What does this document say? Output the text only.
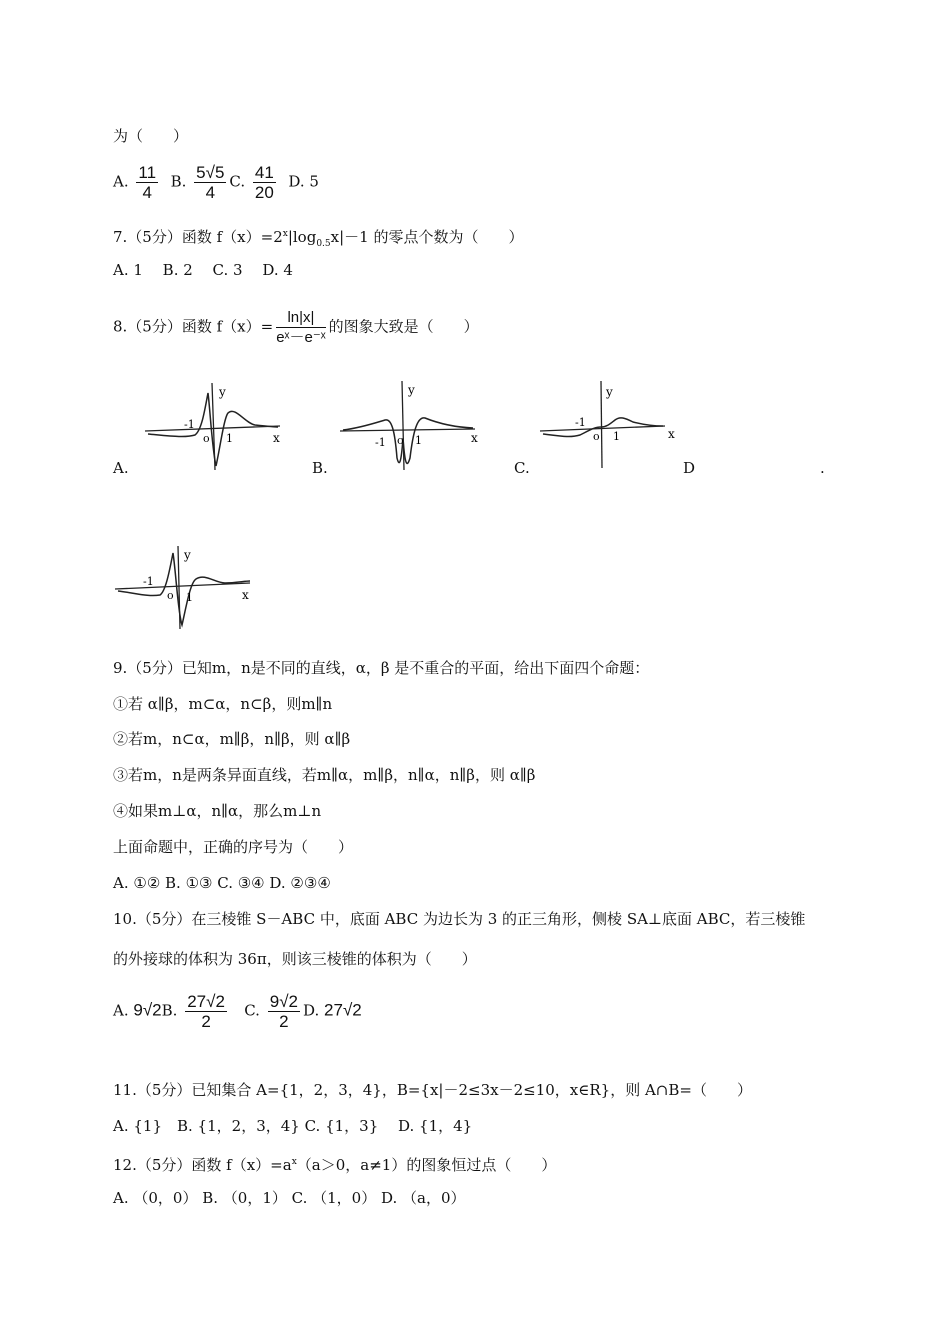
为（　　）
A. $\frac{11}{4} B$. $\frac{5√5}{4} C$. $\frac{41}{20} D$. 5
7.（5分）函数 $f(x)=2^x|\log_{0.5}x|-1$ 的零点个数为（　　）
A. 1　 B. 2　 C. 3　 D. 4
8.（5分）函数 $f(x)= \frac{\ln|x|}{\text{eˣ－e⁻ˣ}}$ 的图象大致是（　　）
x
y
-1
o 1	x
y
-1 o 1	x
y
-1
o 1
A.	B.	C.	D	.
x
y
-1
o 1
9.（5分）已知m，n是不同的直线，α，β 是不重合的平面，给出下面四个命题：
①若 α∥β，m⊂α，n⊂β，则m∥n
②若m，n⊂α，m∥β，n∥β，则 α∥β
③若m，n是两条异面直线，若m∥α，m∥β，n∥α，n∥β，则 α∥β
④如果m⊥α，n∥α，那么m⊥n
上面命题中，正确的序号为（　　）
A. ①② B. ①③ C. ③④ D. ②③④
10.（5分）在三棱锥 S－ABC 中，底面 ABC 为边长为 3 的正三角形，侧棱 SA⊥底面 ABC，若三棱锥
的外接球的体积为 36π，则该三棱锥的体积为（　　）
A. 9√2B. $\frac{27√2}{2} C$. $\frac{9√2}{2} D$. 27√2
11.（5分）已知集合 A={1，2，3，4}，B={x|－2≤3x－2≤10，x∈R}，则 A∩B=（　　）
A. {1}　B. {1，2，3，4} C. {1，3}　 D. {1，4}
12.（5分）函数 $f(x)=a^x(a>0$，a≠1）的图象恒过点（　　）
A. （0，0） B. （0，1） C. （1，0） D. （a，0）
